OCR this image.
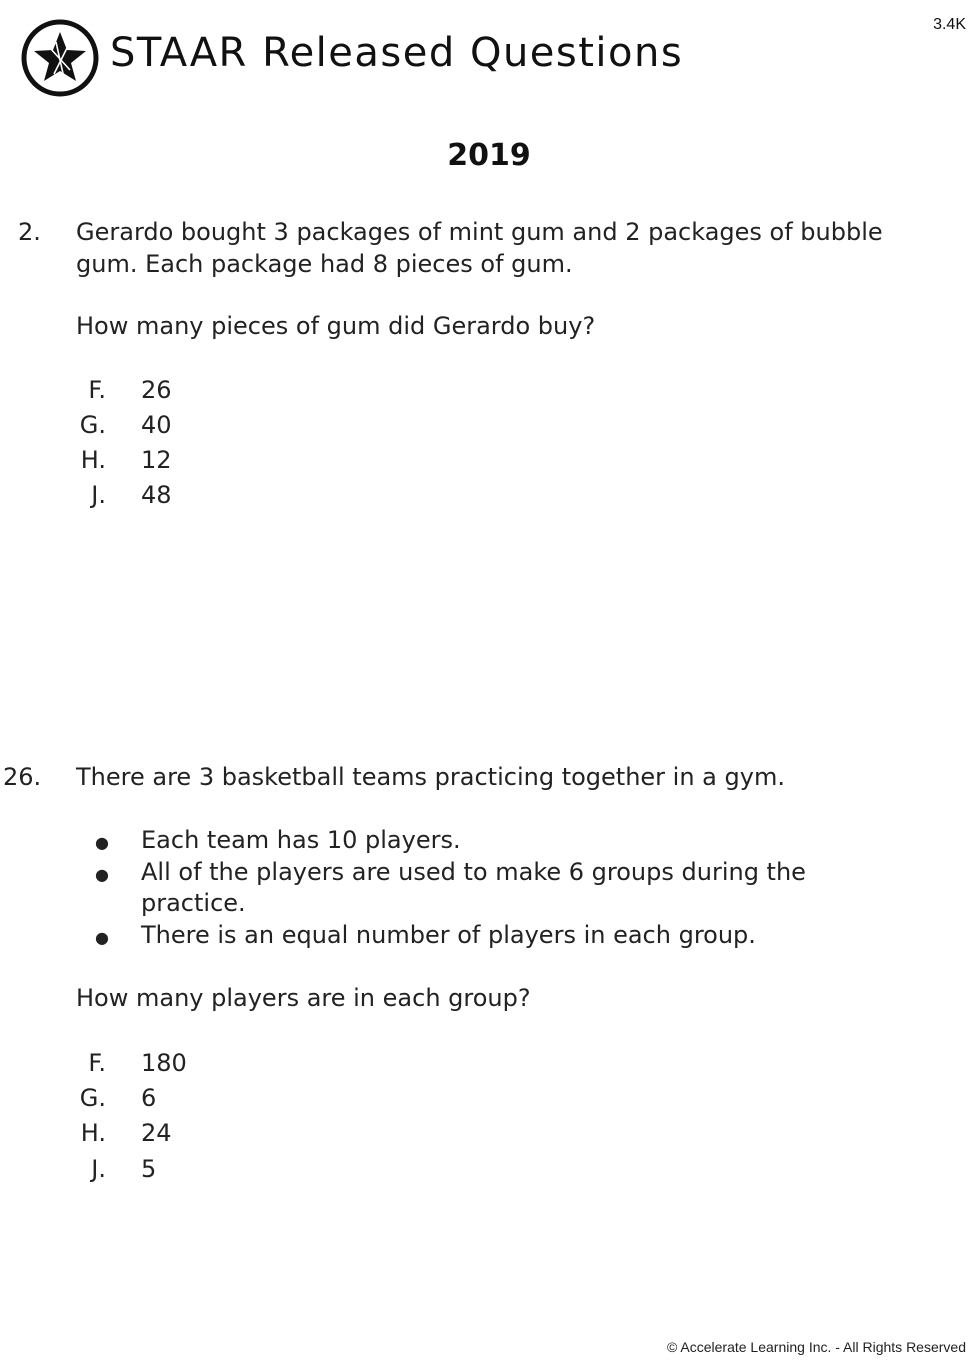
STAAR Released Questions
3.4K
2019
2. Gerardo bought 3 packages of mint gum and 2 packages of bubble
gum. Each package had 8 pieces of gum.
How many pieces of gum did Gerardo buy?
F. 26
G. 40
H. 12
J. 48
26. There are 3 basketball teams practicing together in a gym.
● Each team has 10 players.
● All of the players are used to make 6 groups during the
practice.
● There is an equal number of players in each group.
How many players are in each group?
F. 180
G. 6
H. 24
J. 5
© Accelerate Learning Inc. - All Rights Reserved
